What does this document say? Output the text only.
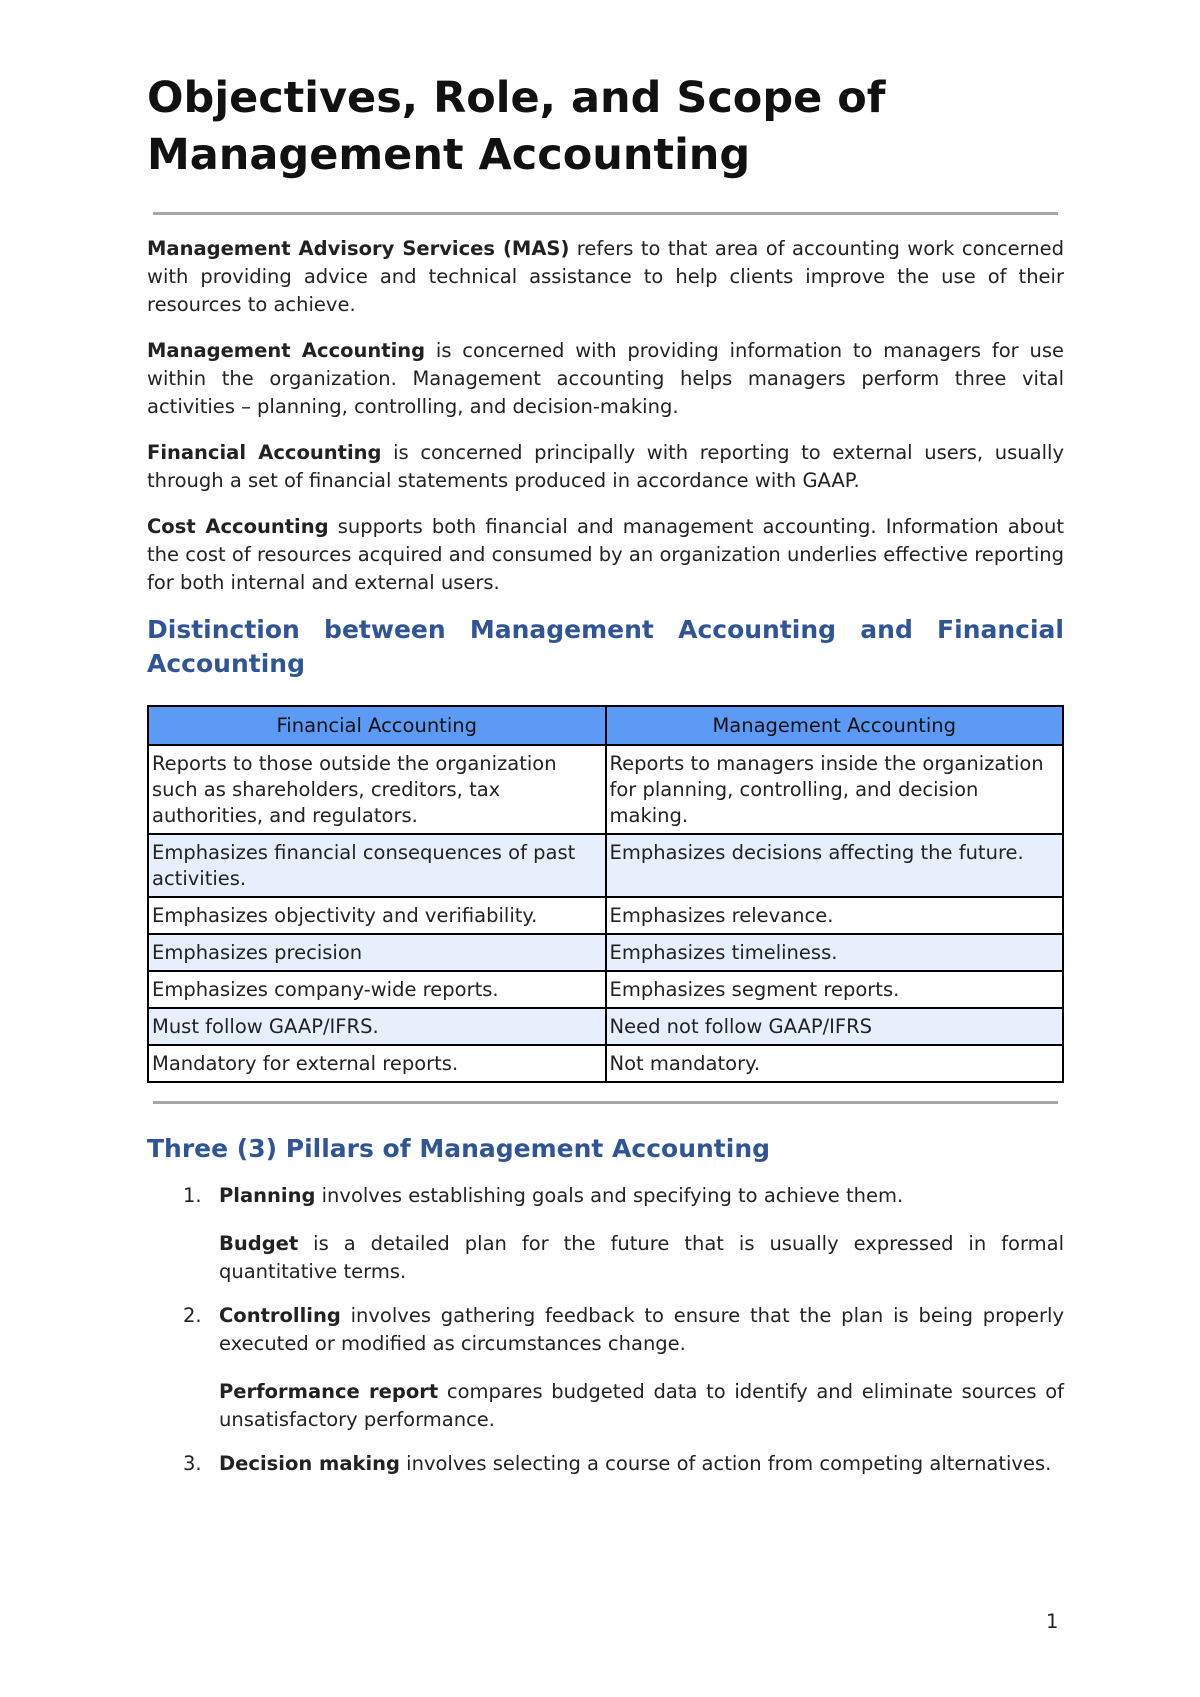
Objectives, Role, and Scope of Management Accounting

Management Advisory Services (MAS) refers to that area of accounting work concerned with providing advice and technical assistance to help clients improve the use of their resources to achieve.

Management Accounting is concerned with providing information to managers for use within the organization. Management accounting helps managers perform three vital activities – planning, controlling, and decision-making.

Financial Accounting is concerned principally with reporting to external users, usually through a set of financial statements produced in accordance with GAAP.

Cost Accounting supports both financial and management accounting. Information about the cost of resources acquired and consumed by an organization underlies effective reporting for both internal and external users.

Distinction between Management Accounting and Financial Accounting
Financial Accounting	Management Accounting
Reports to those outside the organization such as shareholders, creditors, tax authorities, and regulators.	Reports to managers inside the organization for planning, controlling, and decision making.
Emphasizes financial consequences of past activities.	Emphasizes decisions affecting the future.
Emphasizes objectivity and verifiability.	Emphasizes relevance.
Emphasizes precision	Emphasizes timeliness.
Emphasizes company-wide reports.	Emphasizes segment reports.
Must follow GAAP/IFRS.	Need not follow GAAP/IFRS
Mandatory for external reports.	Not mandatory.
Three (3) Pillars of Management Accounting
1. Planning involves establishing goals and specifying to achieve them.

Budget is a detailed plan for the future that is usually expressed in formal quantitative terms.

2. Controlling involves gathering feedback to ensure that the plan is being properly executed or modified as circumstances change.

Performance report compares budgeted data to identify and eliminate sources of unsatisfactory performance.

3. Decision making involves selecting a course of action from competing alternatives.

1
